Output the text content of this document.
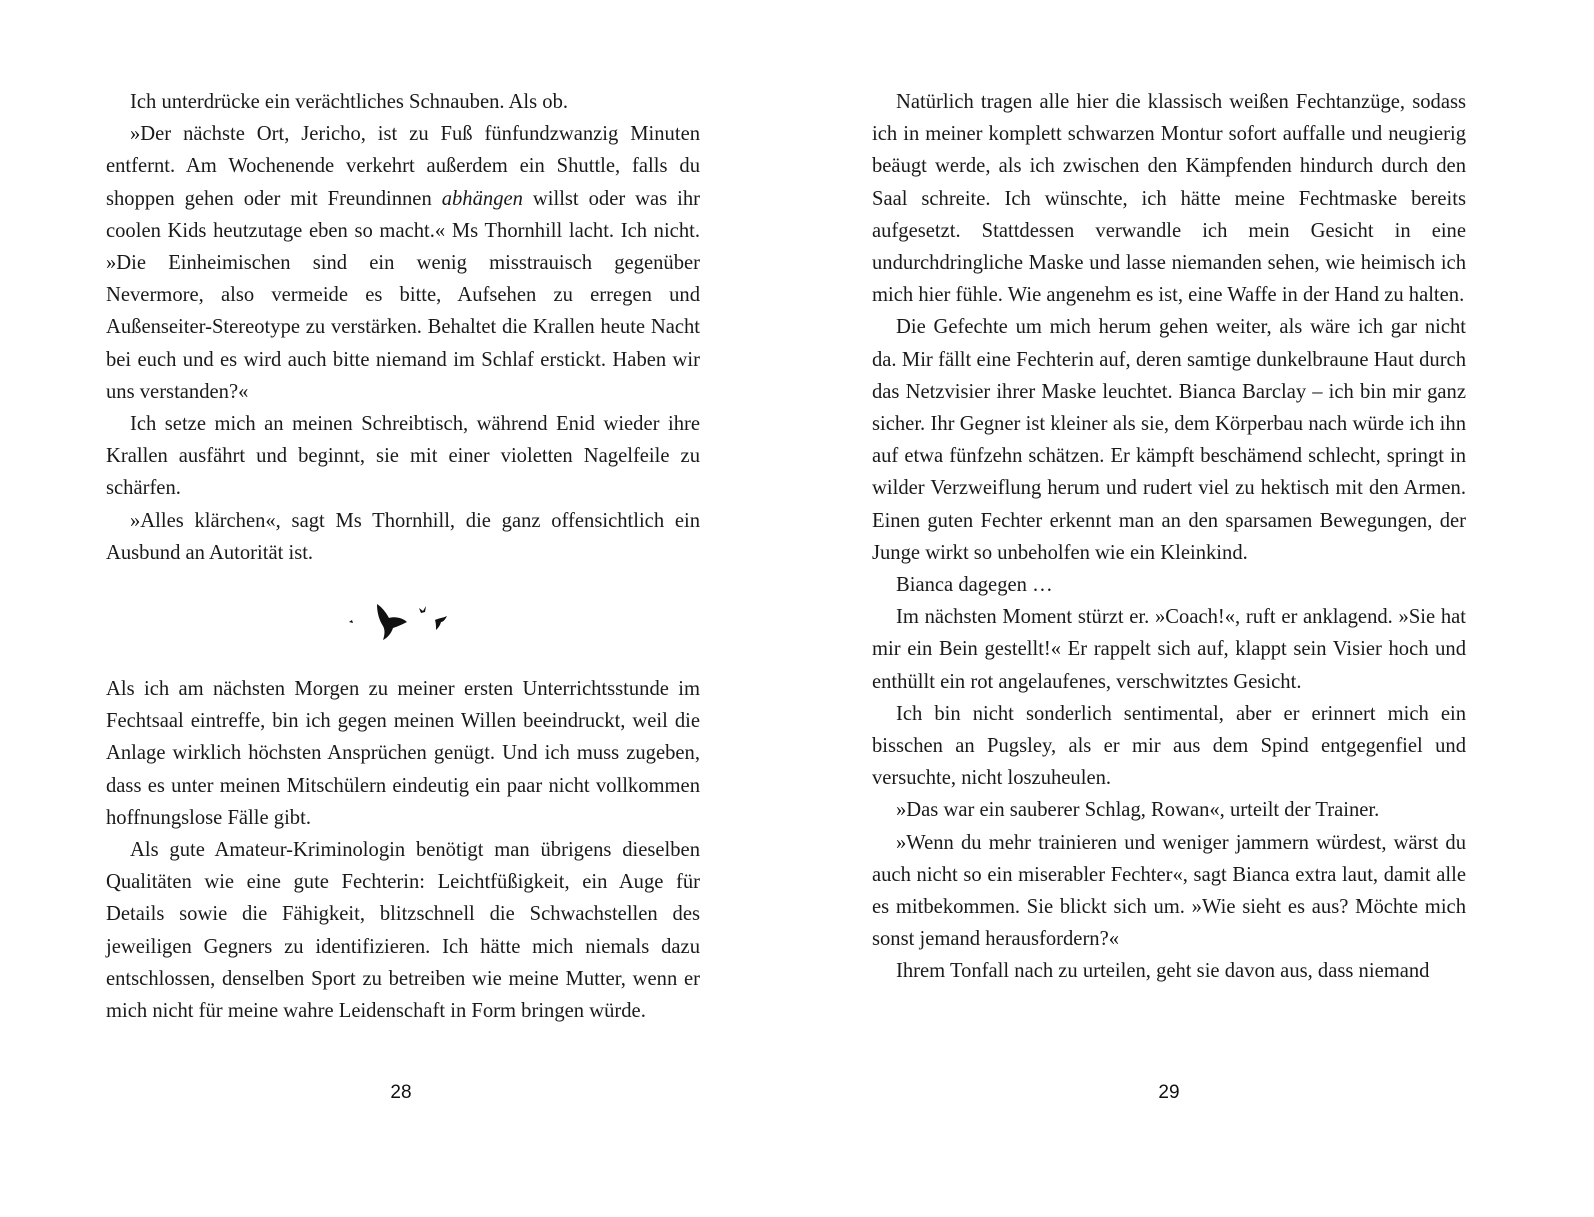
Ich unterdrücke ein verächtliches Schnauben. Als ob.

»Der nächste Ort, Jericho, ist zu Fuß fünfundzwanzig Minuten entfernt. Am Wochenende verkehrt außerdem ein Shuttle, falls du shoppen gehen oder mit Freundinnen abhängen willst oder was ihr coolen Kids heutzutage eben so macht.« Ms Thornhill lacht. Ich nicht. »Die Einheimischen sind ein wenig misstrauisch gegenüber Nevermore, also vermeide es bitte, Aufsehen zu erregen und Außenseiter-Stereotype zu verstärken. Behaltet die Krallen heute Nacht bei euch und es wird auch bitte niemand im Schlaf erstickt. Haben wir uns verstanden?«

Ich setze mich an meinen Schreibtisch, während Enid wieder ihre Krallen ausfährt und beginnt, sie mit einer violetten Nagelfeile zu schärfen.

»Alles klärchen«, sagt Ms Thornhill, die ganz offensichtlich ein Ausbund an Autorität ist.

Als ich am nächsten Morgen zu meiner ersten Unterrichtsstunde im Fechtsaal eintreffe, bin ich gegen meinen Willen beeindruckt, weil die Anlage wirklich höchsten Ansprüchen genügt. Und ich muss zugeben, dass es unter meinen Mitschülern eindeutig ein paar nicht vollkommen hoffnungslose Fälle gibt.

Als gute Amateur-Kriminologin benötigt man übrigens dieselben Qualitäten wie eine gute Fechterin: Leichtfüßigkeit, ein Auge für Details sowie die Fähigkeit, blitzschnell die Schwachstellen des jeweiligen Gegners zu identifizieren. Ich hätte mich niemals dazu entschlossen, denselben Sport zu betreiben wie meine Mutter, wenn er mich nicht für meine wahre Leidenschaft in Form bringen würde.

Natürlich tragen alle hier die klassisch weißen Fechtanzüge, sodass ich in meiner komplett schwarzen Montur sofort auffalle und neugierig beäugt werde, als ich zwischen den Kämpfenden hindurch durch den Saal schreite. Ich wünschte, ich hätte meine Fechtmaske bereits aufgesetzt. Stattdessen verwandle ich mein Gesicht in eine undurchdringliche Maske und lasse niemanden sehen, wie heimisch ich mich hier fühle. Wie angenehm es ist, eine Waffe in der Hand zu halten.

Die Gefechte um mich herum gehen weiter, als wäre ich gar nicht da. Mir fällt eine Fechterin auf, deren samtige dunkelbraune Haut durch das Netzvisier ihrer Maske leuchtet. Bianca Barclay – ich bin mir ganz sicher. Ihr Gegner ist kleiner als sie, dem Körperbau nach würde ich ihn auf etwa fünfzehn schätzen. Er kämpft beschämend schlecht, springt in wilder Verzweiflung herum und rudert viel zu hektisch mit den Armen. Einen guten Fechter erkennt man an den sparsamen Bewegungen, der Junge wirkt so unbeholfen wie ein Kleinkind.

Bianca dagegen …

Im nächsten Moment stürzt er. »Coach!«, ruft er anklagend. »Sie hat mir ein Bein gestellt!« Er rappelt sich auf, klappt sein Visier hoch und enthüllt ein rot angelaufenes, verschwitztes Gesicht.

Ich bin nicht sonderlich sentimental, aber er erinnert mich ein bisschen an Pugsley, als er mir aus dem Spind entgegenfiel und versuchte, nicht loszuheulen.

»Das war ein sauberer Schlag, Rowan«, urteilt der Trainer.

»Wenn du mehr trainieren und weniger jammern würdest, wärst du auch nicht so ein miserabler Fechter«, sagt Bianca extra laut, damit alle es mitbekommen. Sie blickt sich um. »Wie sieht es aus? Möchte mich sonst jemand herausfordern?«

Ihrem Tonfall nach zu urteilen, geht sie davon aus, dass niemand

28	29
